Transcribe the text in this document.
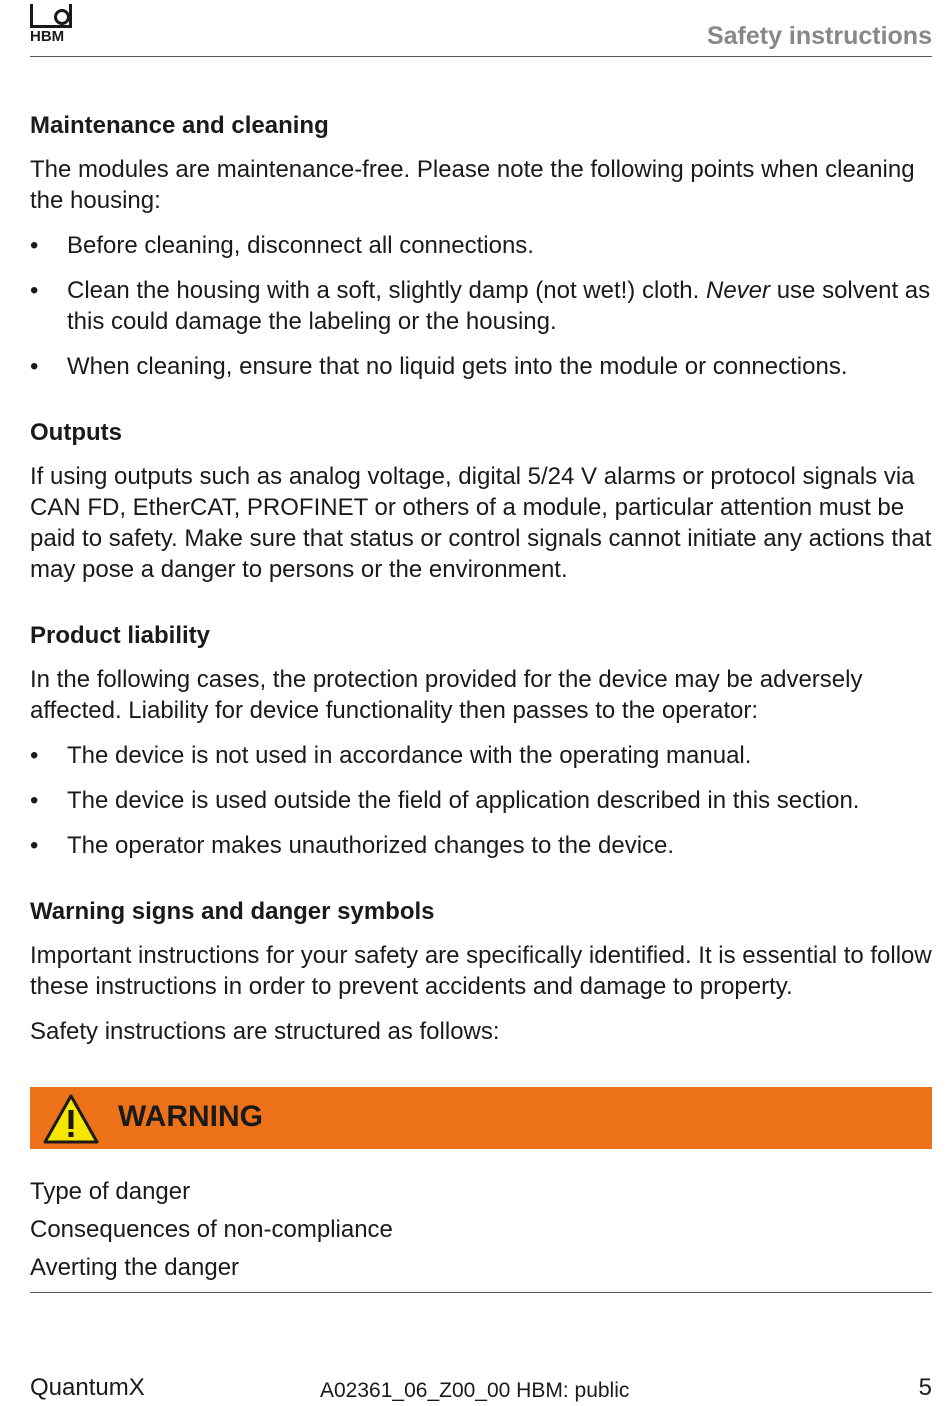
HBM	Safety instructions
Maintenance and cleaning

The modules are maintenance-free. Please note the following points when cleaning the housing:

• Before cleaning, disconnect all connections.
• Clean the housing with a soft, slightly damp (not wet!) cloth. Never use solvent as this could damage the labeling or the housing.
• When cleaning, ensure that no liquid gets into the module or connections.
Outputs

If using outputs such as analog voltage, digital 5/24 V alarms or protocol signals via CAN FD, EtherCAT, PROFINET or others of a module, particular attention must be paid to safety. Make sure that status or control signals cannot initiate any actions that may pose a danger to persons or the environment.

Product liability

In the following cases, the protection provided for the device may be adversely affected. Liability for device functionality then passes to the operator:

• The device is not used in accordance with the operating manual.
• The device is used outside the field of application described in this section.
• The operator makes unauthorized changes to the device.
Warning signs and danger symbols

Important instructions for your safety are specifically identified. It is essential to follow these instructions in order to prevent accidents and damage to property.

Safety instructions are structured as follows:

WARNING
Type of danger
Consequences of non-compliance
Averting the danger
QuantumX	A02361_06_Z00_00 HBM: public	5
